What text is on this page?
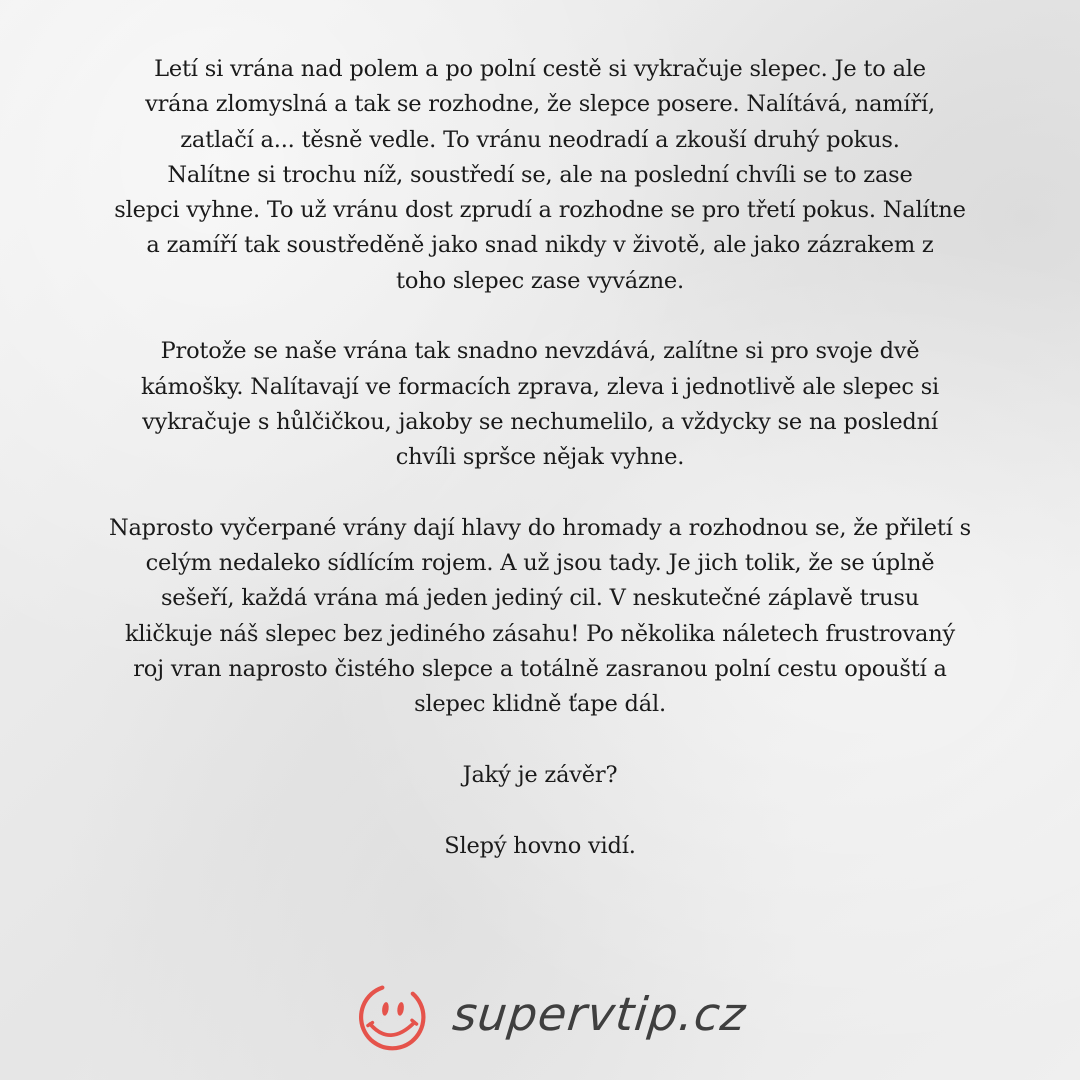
Letí si vrána nad polem a po polní cestě si vykračuje slepec. Je to ale
vrána zlomyslná a tak se rozhodne, že slepce posere. Nalítává, namíří,
zatlačí a... těsně vedle. To vránu neodradí a zkouší druhý pokus.
Nalítne si trochu níž, soustředí se, ale na poslední chvíli se to zase
slepci vyhne. To už vránu dost zprudí a rozhodne se pro třetí pokus. Nalítne
a zamíří tak soustředěně jako snad nikdy v životě, ale jako zázrakem z
toho slepec zase vyvázne.
Protože se naše vrána tak snadno nevzdává, zalítne si pro svoje dvě
kámošky. Nalítavají ve formacích zprava, zleva i jednotlivě ale slepec si
vykračuje s hůlčičkou, jakoby se nechumelilo, a vždycky se na poslední
chvíli spršce nějak vyhne.
Naprosto vyčerpané vrány dají hlavy do hromady a rozhodnou se, že přiletí s
celým nedaleko sídlícím rojem. A už jsou tady. Je jich tolik, že se úplně
sešeří, každá vrána má jeden jediný cil. V neskutečné záplavě trusu
kličkuje náš slepec bez jediného zásahu! Po několika náletech frustrovaný
roj vran naprosto čistého slepce a totálně zasranou polní cestu opouští a
slepec klidně ťape dál.
Jaký je závěr?
Slepý hovno vidí.
supervtip.cz
